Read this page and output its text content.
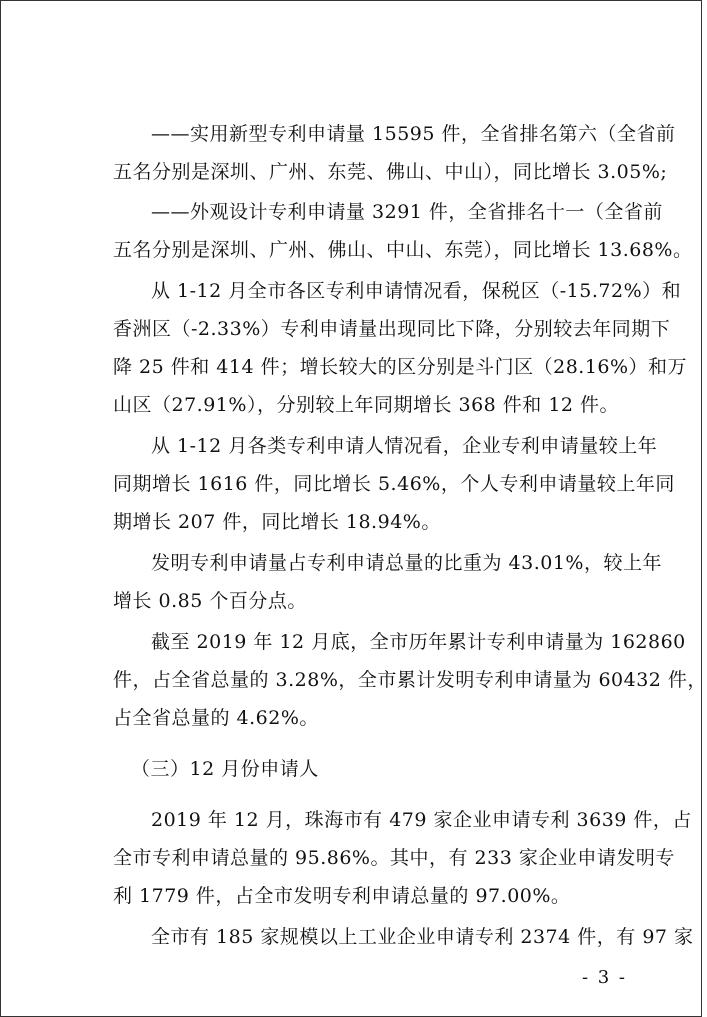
——实用新型专利申请量 15595 件，全省排名第六（全省前
五名分别是深圳、广州、东莞、佛山、中山），同比增长 3.05%;
——外观设计专利申请量 3291 件，全省排名十一（全省前
五名分别是深圳、广州、佛山、中山、东莞），同比增长 13.68%。
从 1-12 月全市各区专利申请情况看，保税区（-15.72%）和
香洲区（-2.33%）专利申请量出现同比下降，分别较去年同期下
降 25 件和 414 件；增长较大的区分别是斗门区（28.16%）和万
山区（27.91%），分别较上年同期增长 368 件和 12 件。
从 1-12 月各类专利申请人情况看，企业专利申请量较上年
同期增长 1616 件，同比增长 5.46%，个人专利申请量较上年同
期增长 207 件，同比增长 18.94%。
发明专利申请量占专利申请总量的比重为 43.01%，较上年
增长 0.85 个百分点。
截至 2019 年 12 月底，全市历年累计专利申请量为 162860
件，占全省总量的 3.28%，全市累计发明专利申请量为 60432 件，
占全省总量的 4.62%。
（三）12 月份申请人
2019 年 12 月，珠海市有 479 家企业申请专利 3639 件，占
全市专利申请总量的 95.86%。其中，有 233 家企业申请发明专
利 1779 件，占全市发明专利申请总量的 97.00%。
全市有 185 家规模以上工业企业申请专利 2374 件，有 97 家
- 3 -
